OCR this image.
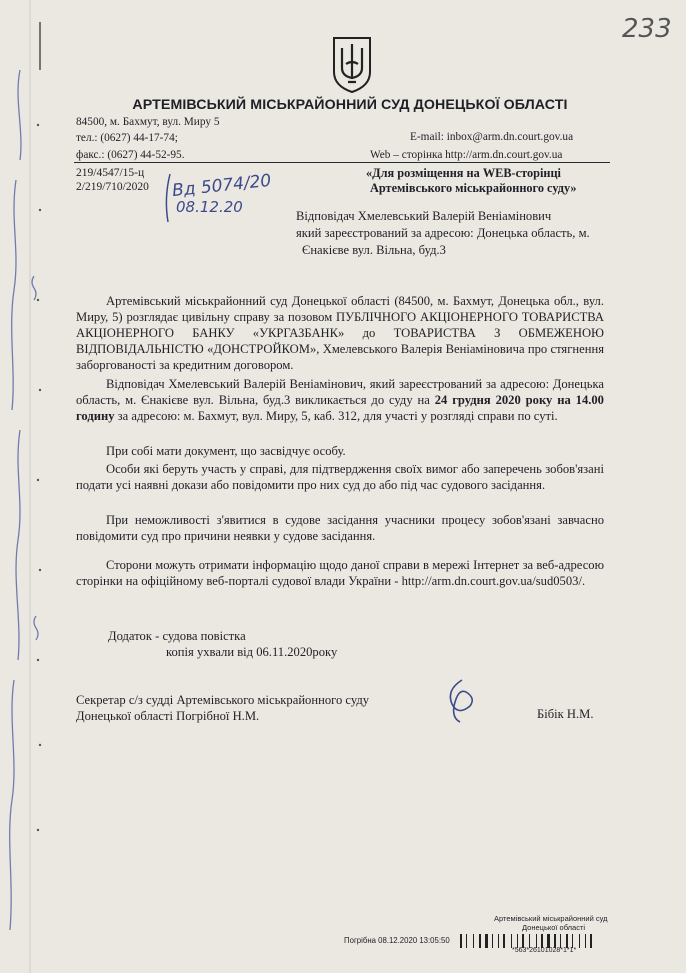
233
АРТЕМІВСЬКИЙ МІСЬКРАЙОННИЙ СУД ДОНЕЦЬКОЇ ОБЛАСТІ
84500, м. Бахмут, вул. Миру 5
тел.: (0627) 44-17-74;
факс.: (0627) 44-52-95.
E-mail: inbox@arm.dn.court.gov.ua
Web – сторінка http://arm.dn.court.gov.ua
219/4547/15-ц
2/219/710/2020 Вд 5074/20
08.12.20
«Для розміщення на WEB-сторінці
Артемівського міськрайонного суду»
Відповідач Хмелевський Валерій Веніамінович
який зареєстрований за адресою: Донецька область, м.
Єнакієве вул. Вільна, буд.3
Артемівський міськрайонний суд Донецької області (84500, м. Бахмут, Донецька обл., вул. Миру, 5) розглядає цивільну справу за позовом ПУБЛІЧНОГО АКЦІОНЕРНОГО ТОВАРИСТВА АКЦІОНЕРНОГО БАНКУ «УКРГАЗБАНК» до ТОВАРИСТВА З ОБМЕЖЕНОЮ ВІДПОВІДАЛЬНІСТЮ «ДОНСТРОЙКОМ», Хмелевського Валерія Веніаміновича про стягнення заборгованості за кредитним договором.
Відповідач Хмелевський Валерій Веніамінович, який зареєстрований за адресою: Донецька область, м. Єнакієве вул. Вільна, буд.3 викликається до суду на 24 грудня 2020 року на 14.00 годину за адресою: м. Бахмут, вул. Миру, 5, каб. 312, для участі у розгляді справи по суті.
При собі мати документ, що засвідчує особу.
Особи які беруть участь у справі, для підтвердження своїх вимог або заперечень зобов'язані подати усі наявні докази або повідомити про них суд до або під час судового засідання.
При неможливості з'явитися в судове засідання учасники процесу зобов'язані завчасно повідомити суд про причини неявки у судове засідання.
Сторони можуть отримати інформацію щодо даної справи в мережі Інтернет за веб-адресою сторінки на офіційному веб-порталі судової влади України - http://arm.dn.court.gov.ua/sud0503/.
Додаток - судова повістка
копія ухвали від 06.11.2020року
Секретар с/з судді Артемівського міськрайонного суду
Донецької області Погрібної Н.М.	Бібік Н.М.
Артемівський міськрайонний суд
Донецької області
Погрібна 08.12.2020 13:05:50
*563*26101028*1*1*
